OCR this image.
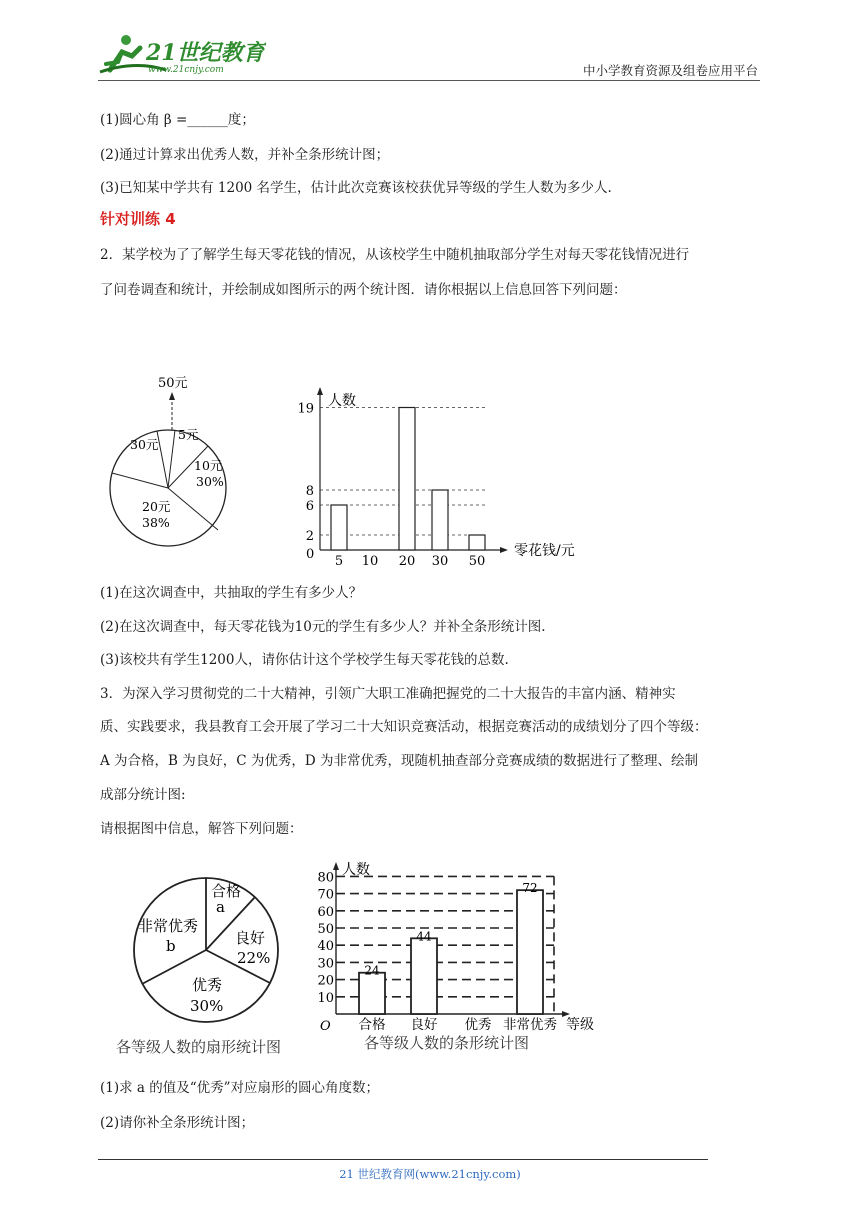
21世纪教育
www.21cnjy.com	中小学教育资源及组卷应用平台
(1)圆心角 β =______度；
(2)通过计算求出优秀人数，并补全条形统计图；
(3)已知某中学共有 1200 名学生，估计此次竞赛该校获优异等级的学生人数为多少人.
针对训练 4
2．某学校为了了解学生每天零花钱的情况，从该校学生中随机抽取部分学生对每天零花钱情况进行
了问卷调查和统计，并绘制成如图所示的两个统计图．请你根据以上信息回答下列问题：
50元
5元
10元
30%
20元
38%
30元
人数
零花钱/元
0
2
6
8
19
5 10 20 30 50
(1)在这次调查中，共抽取的学生有多少人？
(2)在这次调查中，每天零花钱为10元的学生有多少人？并补全条形统计图.
(3)该校共有学生1200人，请你估计这个学校学生每天零花钱的总数.
3．为深入学习贯彻党的二十大精神，引领广大职工准确把握党的二十大报告的丰富内涵、精神实
质、实践要求，我县教育工会开展了学习二十大知识竞赛活动，根据竞赛活动的成绩划分了四个等级：
A 为合格，B 为良好，C 为优秀，D 为非常优秀，现随机抽查部分竞赛成绩的数据进行了整理、绘制
成部分统计图:
请根据图中信息，解答下列问题：
合格
a
良好
22%
优秀
30%
非常优秀
b
各等级人数的扇形统计图
人数
等级
O
各等级人数的条形统计图
10
20
30
40
50
60
70
80
合格
24
良好
44
优秀 非常优秀
72
(1)求 a 的值及“优秀”对应扇形的圆心角度数；
(2)请你补全条形统计图；
21 世纪教育网(www.21cnjy.com)
